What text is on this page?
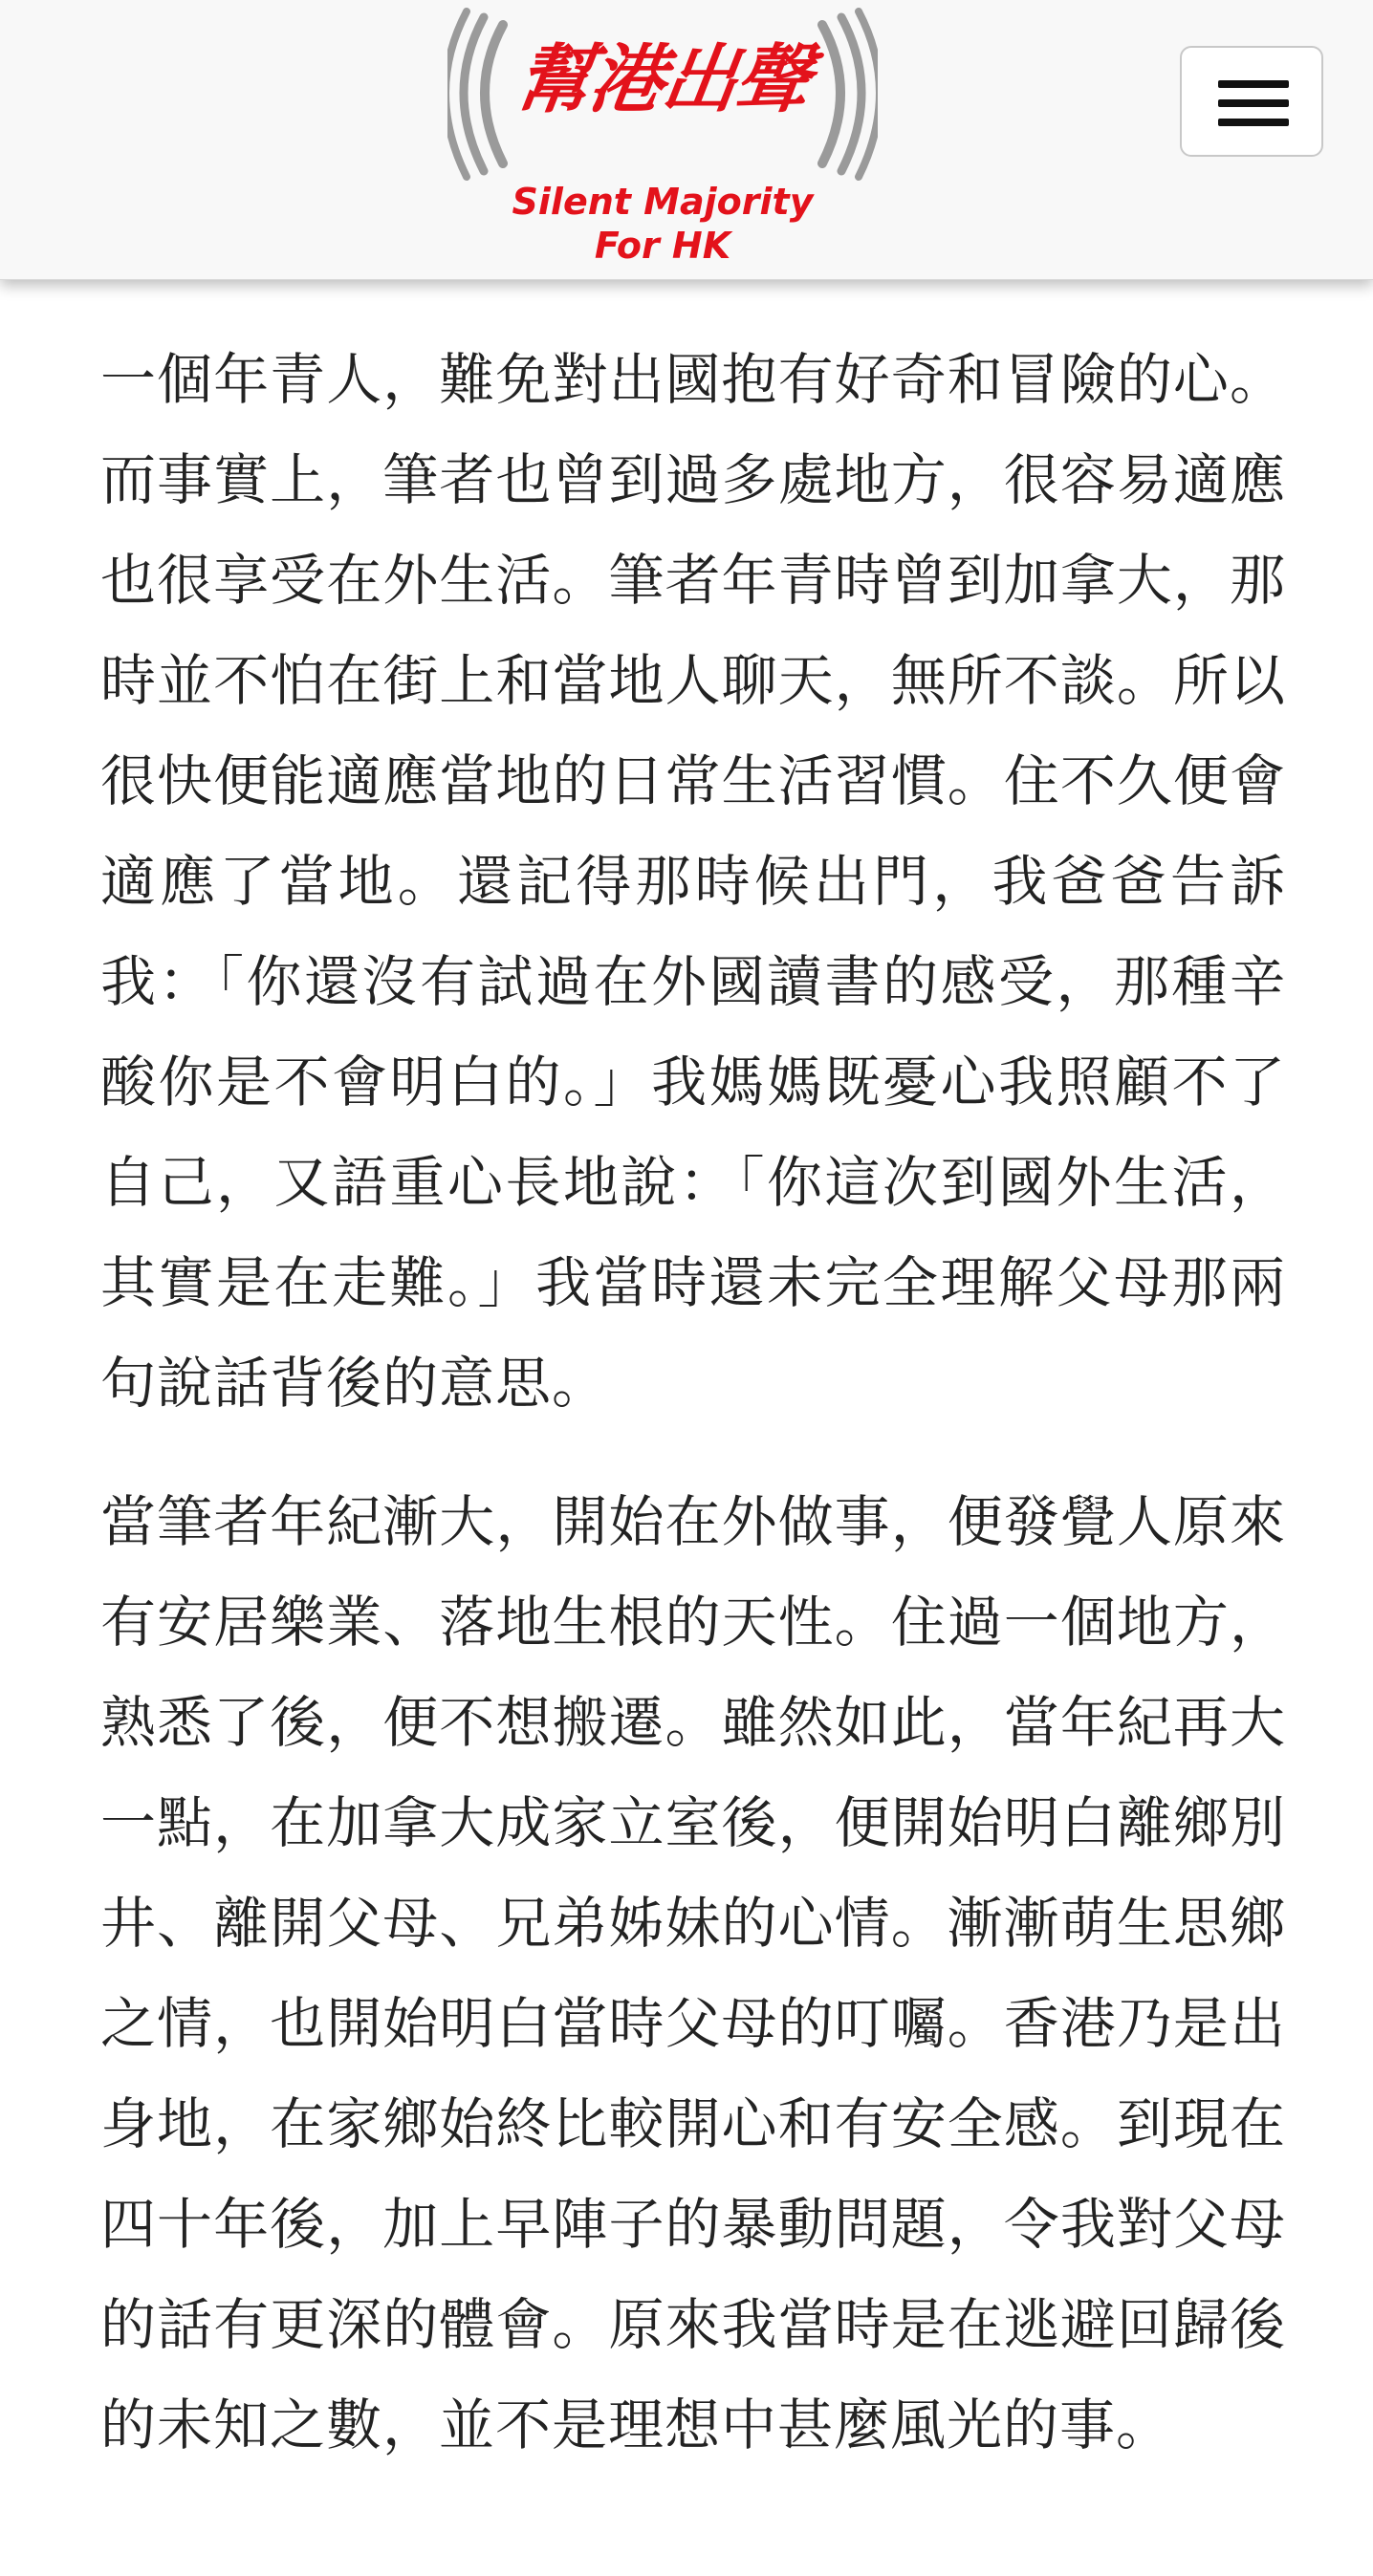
幫港出聲
Silent Majority
For HK

一個年青人，難免對出國抱有好奇和冒險的心。而事實上，筆者也曾到過多處地方，很容易適應也很享受在外生活。筆者年青時曾到加拿大，那時並不怕在街上和當地人聊天，無所不談。所以很快便能適應當地的日常生活習慣。住不久便會適應了當地。還記得那時候出門，我爸爸告訴我：「你還沒有試過在外國讀書的感受，那種辛酸你是不會明白的。」我媽媽既憂心我照顧不了自己，又語重心長地說：「你這次到國外生活，其實是在走難。」我當時還未完全理解父母那兩句說話背後的意思。

當筆者年紀漸大，開始在外做事，便發覺人原來有安居樂業、落地生根的天性。住過一個地方，熟悉了後，便不想搬遷。雖然如此，當年紀再大一點，在加拿大成家立室後，便開始明白離鄉別井、離開父母、兄弟姊妹的心情。漸漸萌生思鄉之情，也開始明白當時父母的叮囑。香港乃是出身地，在家鄉始終比較開心和有安全感。到現在四十年後，加上早陣子的暴動問題，令我對父母的話有更深的體會。原來我當時是在逃避回歸後的未知之數，並不是理想中甚麼風光的事。
